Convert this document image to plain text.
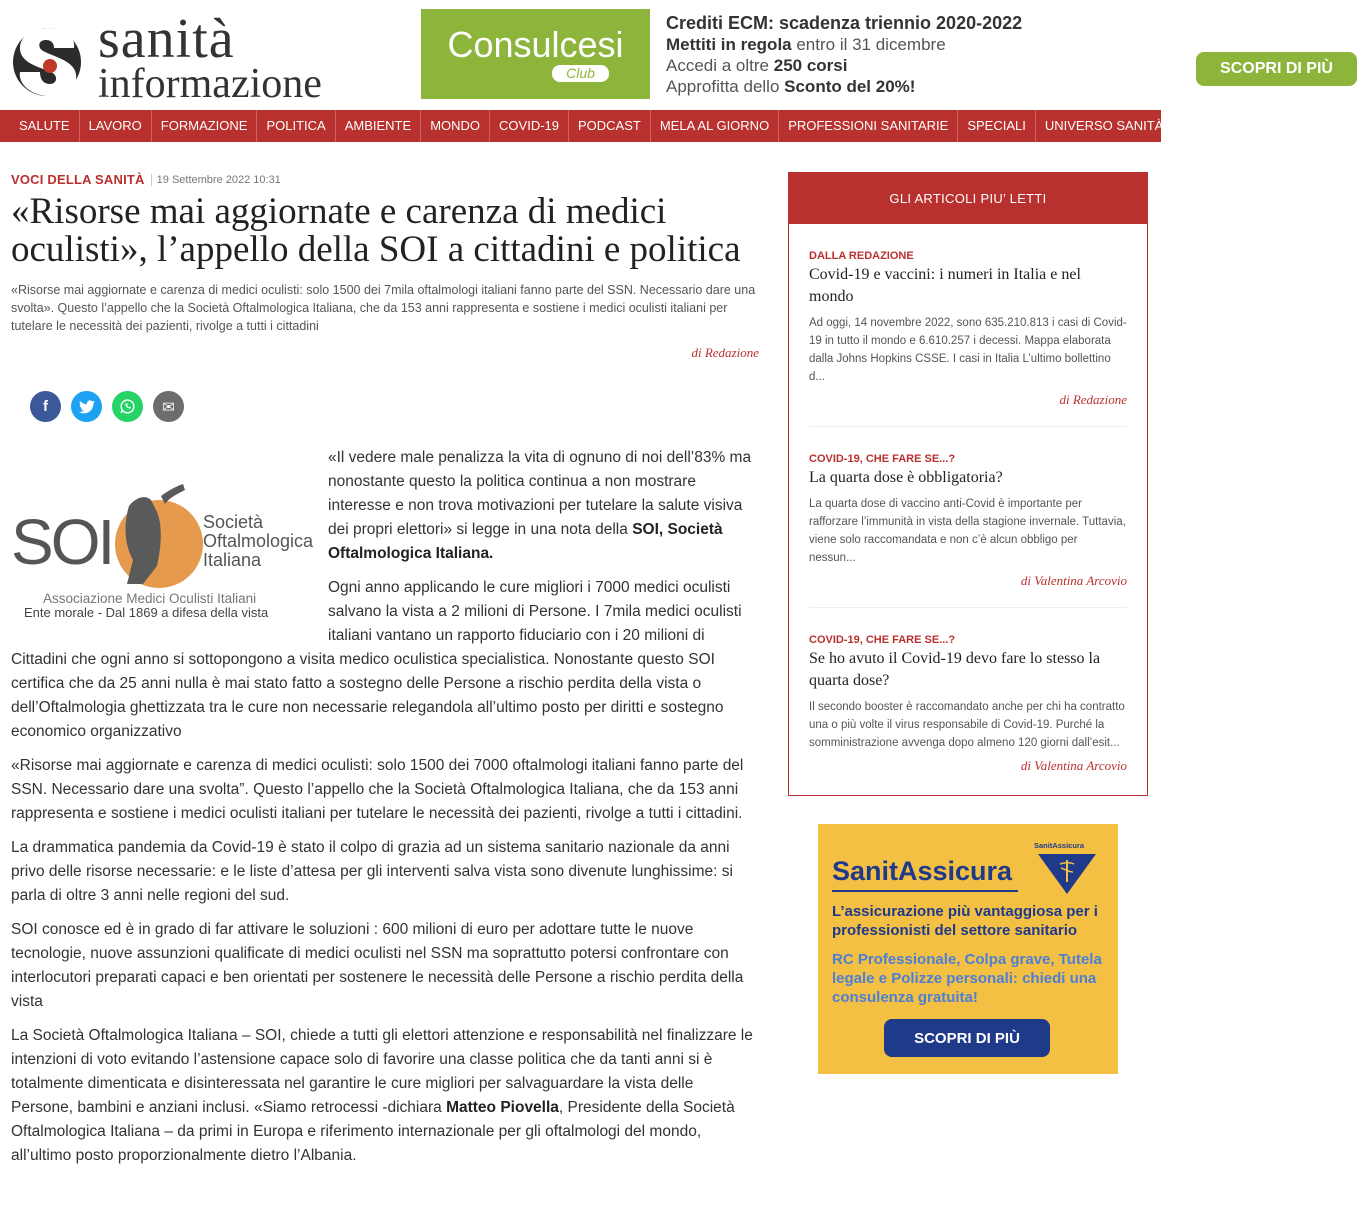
sanità
informazione
Consulcesi
Club
Crediti ECM: scadenza triennio 2020-2022
Mettiti in regola entro il 31 dicembre
Accedi a oltre 250 corsi
Approfitta dello Sconto del 20%!
SCOPRI DI PIÙ
SALUTE	LAVORO	FORMAZIONE	POLITICA	AMBIENTE	MONDO	COVID-19	PODCAST	MELA AL GIORNO	PROFESSIONI SANITARIE	SPECIALI	UNIVERSO SANITÀ
VOCI DELLA SANITÀ	19 Settembre 2022 10:31
«Risorse mai aggiornate e carenza di medici oculisti», l’appello della SOI a cittadini e politica
«Risorse mai aggiornate e carenza di medici oculisti: solo 1500 dei 7mila oftalmologi italiani fanno parte del SSN. Necessario dare una svolta». Questo l’appello che la Società Oftalmologica Italiana, che da 153 anni rappresenta e sostiene i medici oculisti italiani per tutelare le necessità dei pazienti, rivolge a tutti i cittadini
di Redazione
f	✉
SOI	Società
Oftalmologica
Italiana
Associazione Medici Oculisti Italiani
Ente morale - Dal 1869 a difesa della vista

«Il vedere male penalizza la vita di ognuno di noi dell’83% ma nonostante questo la politica continua a non mostrare interesse e non trova motivazioni per tutelare la salute visiva dei propri elettori» si legge in una nota della SOI, Società Oftalmologica Italiana.

Ogni anno applicando le cure migliori i 7000 medici oculisti salvano la vista a 2 milioni di Persone. I 7mila medici oculisti italiani vantano un rapporto fiduciario con i 20 milioni di Cittadini che ogni anno si sottopongono a visita medico oculistica specialistica. Nonostante questo SOI certifica che da 25 anni nulla è mai stato fatto a sostegno delle Persone a rischio perdita della vista o dell’Oftalmologia ghettizzata tra le cure non necessarie relegandola all’ultimo posto per diritti e sostegno economico organizzativo

«Risorse mai aggiornate e carenza di medici oculisti: solo 1500 dei 7000 oftalmologi italiani fanno parte del SSN. Necessario dare una svolta”. Questo l’appello che la Società Oftalmologica Italiana, che da 153 anni rappresenta e sostiene i medici oculisti italiani per tutelare le necessità dei pazienti, rivolge a tutti i cittadini.

La drammatica pandemia da Covid-19 è stato il colpo di grazia ad un sistema sanitario nazionale da anni privo delle risorse necessarie: e le liste d’attesa per gli interventi salva vista sono divenute lunghissime: si parla di oltre 3 anni nelle regioni del sud.

SOI conosce ed è in grado di far attivare le soluzioni : 600 milioni di euro per adottare tutte le nuove tecnologie, nuove assunzioni qualificate di medici oculisti nel SSN ma soprattutto potersi confrontare con interlocutori preparati capaci e ben orientati per sostenere le necessità delle Persone a rischio perdita della vista

La Società Oftalmologica Italiana – SOI, chiede a tutti gli elettori attenzione e responsabilità nel finalizzare le intenzioni di voto evitando l’astensione capace solo di favorire una classe politica che da tanti anni si è totalmente dimenticata e disinteressata nel garantire le cure migliori per salvaguardare la vista delle Persone, bambini e anziani inclusi. «Siamo retrocessi -dichiara Matteo Piovella, Presidente della Società Oftalmologica Italiana – da primi in Europa e riferimento internazionale per gli oftalmologi del mondo, all’ultimo posto proporzionalmente dietro l’Albania.

GLI ARTICOLI PIU’ LETTI
DALLA REDAZIONE
Covid-19 e vaccini: i numeri in Italia e nel mondo
Ad oggi, 14 novembre 2022, sono 635.210.813 i casi di Covid-19 in tutto il mondo e 6.610.257 i decessi. Mappa elaborata dalla Johns Hopkins CSSE. I casi in Italia L’ultimo bollettino d...
di Redazione
COVID-19, CHE FARE SE...?
La quarta dose è obbligatoria?
La quarta dose di vaccino anti-Covid è importante per rafforzare l’immunità in vista della stagione invernale. Tuttavia, viene solo raccomandata e non c’è alcun obbligo per nessun...
di Valentina Arcovio
COVID-19, CHE FARE SE...?
Se ho avuto il Covid-19 devo fare lo stesso la quarta dose?
Il secondo booster è raccomandato anche per chi ha contratto una o più volte il virus responsabile di Covid-19. Purché la somministrazione avvenga dopo almeno 120 giorni dall’esit...
di Valentina Arcovio
SanitAssicura
SanitAssicura
L’assicurazione più vantaggiosa per i professionisti del settore sanitario
RC Professionale, Colpa grave, Tutela legale e Polizze personali: chiedi una consulenza gratuita!
SCOPRI DI PIÙ
